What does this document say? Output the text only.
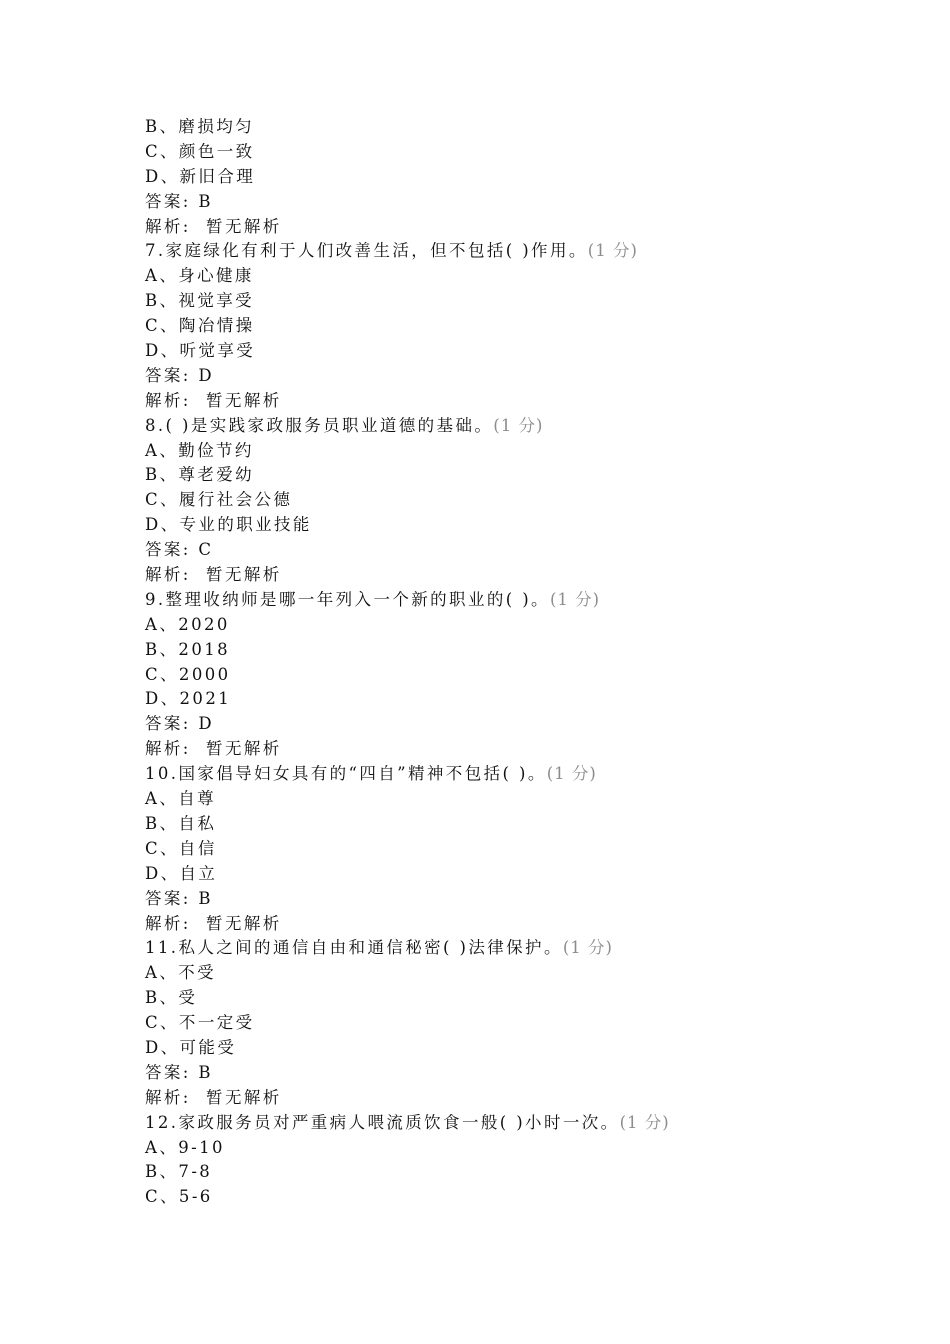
B、磨损均匀
C、颜色一致
D、新旧合理
答案: B
解析:  暂无解析
7.家庭绿化有利于人们改善生活，但不包括( )作用。(1 分)
A、身心健康
B、视觉享受
C、陶冶情操
D、听觉享受
答案: D
解析:  暂无解析
8.( )是实践家政服务员职业道德的基础。(1 分)
A、勤俭节约
B、尊老爱幼
C、履行社会公德
D、专业的职业技能
答案: C
解析:  暂无解析
9.整理收纳师是哪一年列入一个新的职业的( )。(1 分)
A、2020
B、2018
C、2000
D、2021
答案: D
解析:  暂无解析
10.国家倡导妇女具有的“四自”精神不包括( )。(1 分)
A、自尊
B、自私
C、自信
D、自立
答案: B
解析:  暂无解析
11.私人之间的通信自由和通信秘密( )法律保护。(1 分)
A、不受
B、受
C、不一定受
D、可能受
答案: B
解析:  暂无解析
12.家政服务员对严重病人喂流质饮食一般( )小时一次。(1 分)
A、9-10
B、7-8
C、5-6
